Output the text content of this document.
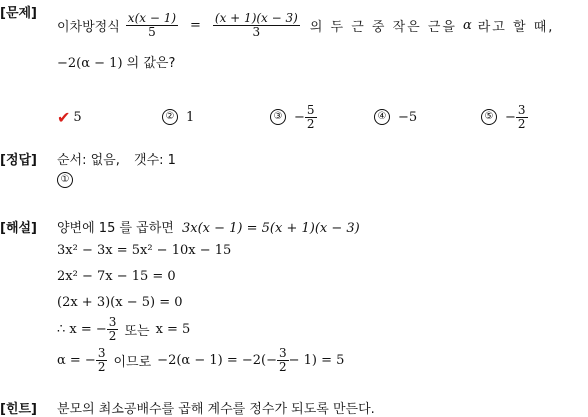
[문제]
[정답]
[해설]
[힌트]
이차방정식 $\frac{x(x - 1)}{5} = \frac{(x + 1)(x - 3)}{3}$ 의 두 근 중 작은 근을 α 라고 할 때,
−2(α − 1) 의 값은?
✔ 5	② 1	③ − $\frac{5}{2}$	④ −5	⑤ − $\frac{3}{2}$
순서: 없음, 갯수: 1
①
양변에 15 를 곱하면 3x(x − 1) = 5(x + 1)(x − 3)
3x² − 3x = 5x² − 10x − 15
2x² − 7x − 15 = 0
(2x + 3)(x − 5) = 0
∴ x = − $\frac{3}{2}$ 또는 x = 5
α = − $\frac{3}{2}$ 이므로 $-2(\alpha - 1) = -2(- \frac{3}{2} - 1) = 5$
분모의 최소공배수를 곱해 계수를 정수가 되도록 만든다.
